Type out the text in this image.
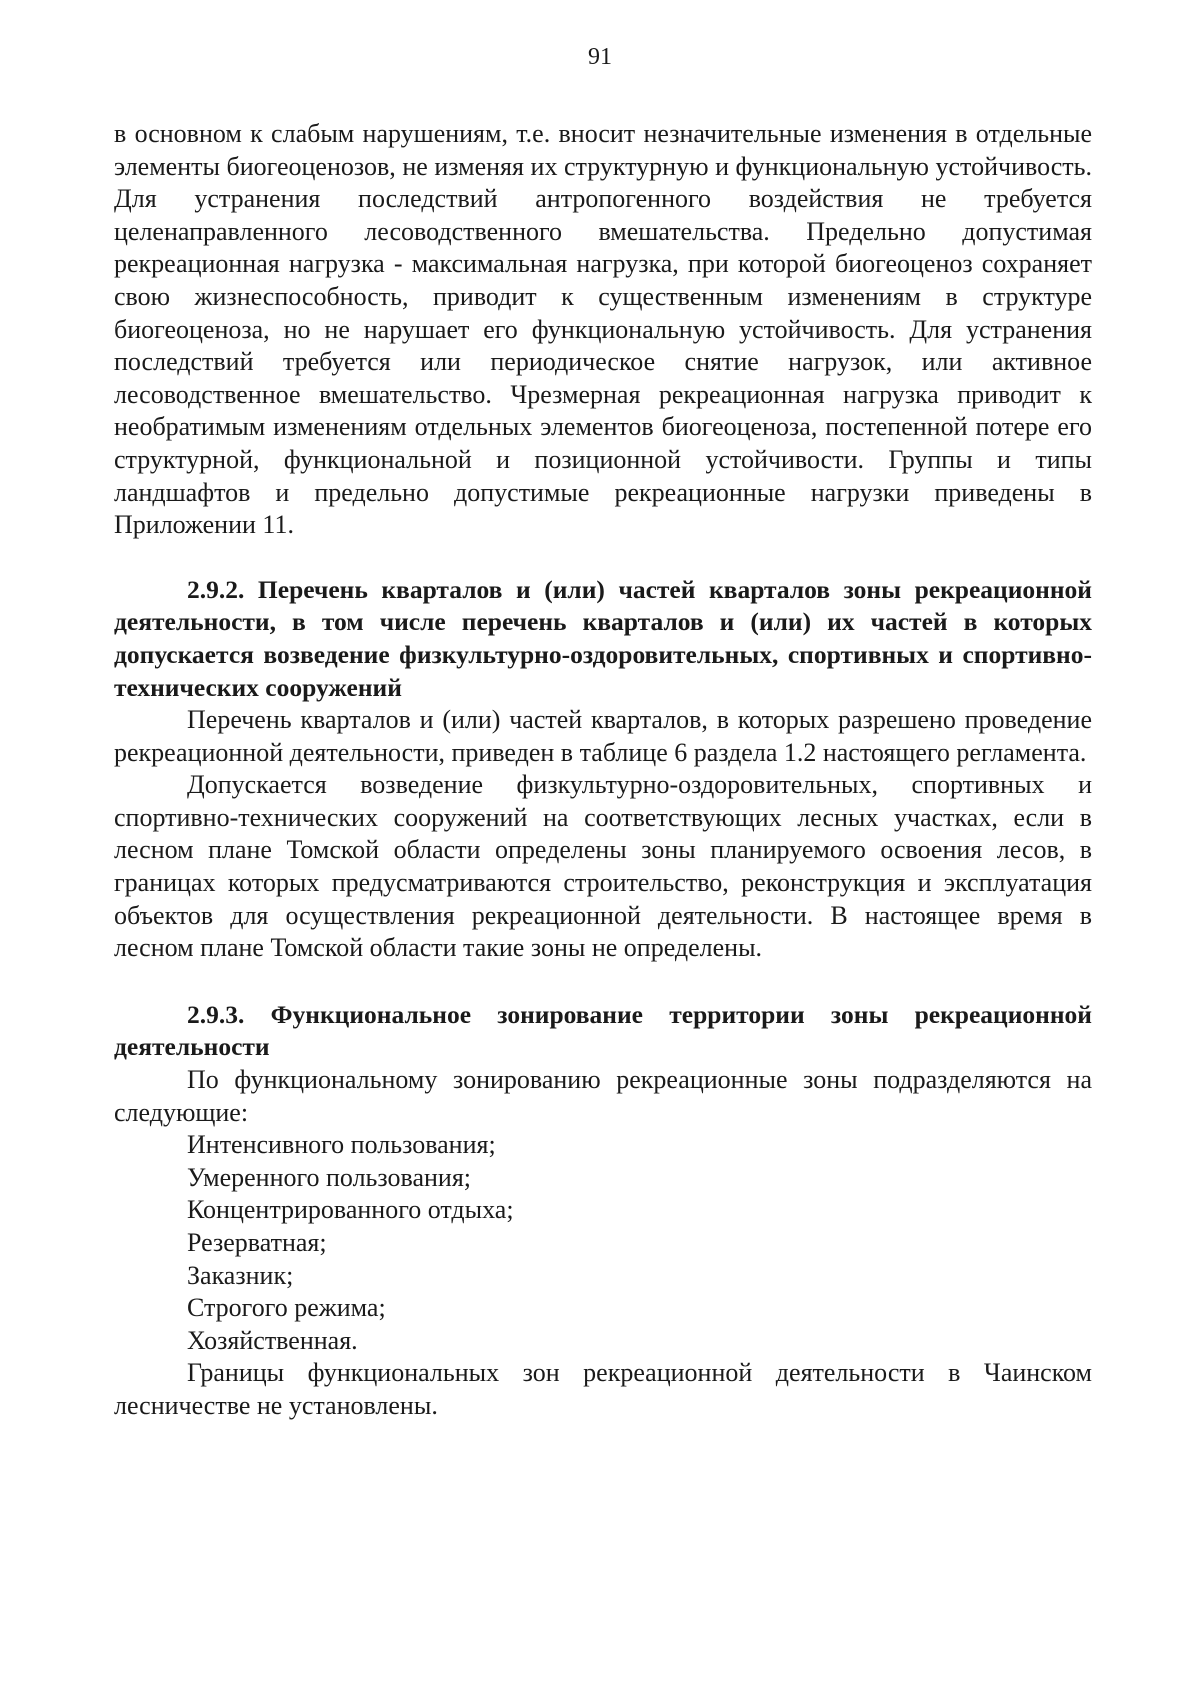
91

в основном к слабым нарушениям, т.е. вносит незначительные изменения в отдельные элементы биогеоценозов, не изменяя их структурную и функциональную устойчивость. Для устранения последствий антропогенного воздействия не требуется целенаправленного лесоводственного вмешательства. Предельно допустимая рекреационная нагрузка - максимальная нагрузка, при которой биогеоценоз сохраняет свою жизнеспособность, приводит к существенным изменениям в структуре биогеоценоза, но не нарушает его функциональную устойчивость. Для устранения последствий требуется или периодическое снятие нагрузок, или активное лесоводственное вмешательство. Чрезмерная рекреационная нагрузка приводит к необратимым изменениям отдельных элементов биогеоценоза, постепенной потере его структурной, функциональной и позиционной устойчивости. Группы и типы ландшафтов и предельно допустимые рекреационные нагрузки приведены в Приложении 11.

2.9.2. Перечень кварталов и (или) частей кварталов зоны рекреационной деятельности, в том числе перечень кварталов и (или) их частей в которых допускается возведение физкультурно-оздоровительных, спортивных и спортивно-технических сооружений

Перечень кварталов и (или) частей кварталов, в которых разрешено проведение рекреационной деятельности, приведен в таблице 6 раздела 1.2 настоящего регламента.

Допускается возведение физкультурно-оздоровительных, спортивных и спортивно-технических сооружений на соответствующих лесных участках, если в лесном плане Томской области определены зоны планируемого освоения лесов, в границах которых предусматриваются строительство, реконструкция и эксплуатация объектов для осуществления рекреационной деятельности. В настоящее время в лесном плане Томской области такие зоны не определены.

2.9.3. Функциональное зонирование территории зоны рекреационной деятельности

По функциональному зонированию рекреационные зоны подразделяются на следующие:

Интенсивного пользования;
Умеренного пользования;
Концентрированного отдыха;
Резерватная;
Заказник;
Строгого режима;
Хозяйственная.

Границы функциональных зон рекреационной деятельности в Чаинском лесничестве не установлены.
